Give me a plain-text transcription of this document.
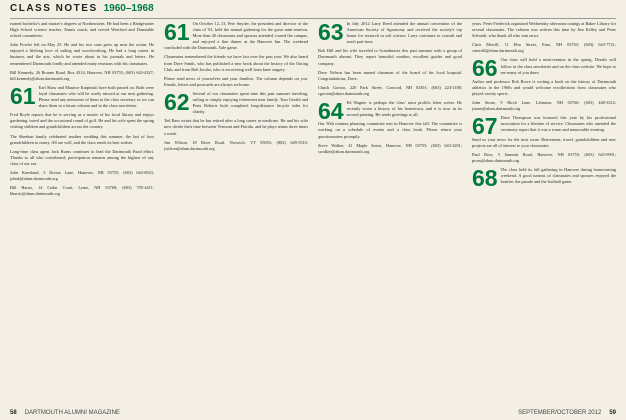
CLASS NOTES 1960–1968

earned bachelor's and master's degrees at Northeastern. He had been a Bridgewater High School science teacher, Tennis coach, and served Westford and Dunstable school committees.

John Fowler left on May 25. He and his two sons grew up near the ocean. He enjoyed a lifelong love of sailing and woodworking. He had a long career in business and the arts, which he wrote about in his journals and letters. He remembered Dartmouth fondly and attended many reunions with his classmates.

Bill Kennedy, 26 Bourne Road, Box 4314, Hanover, NH 03755; (603) 643-4327; bill.kennedy@alum.dartmouth.org

61 Earl Shaw and Maurice Karpinski have both passed on. Both were loyal classmates who will be sorely missed at our next gathering. Please send any memories of them to the class secretary so we can share them in a future column and in the class newsletter.

Fred Boyle reports that he is serving as a trustee of his local library and enjoys gardening, travel and the occasional round of golf. He and his wife spent the spring visiting children and grandchildren across the country.

The Sheehan family celebrated another wedding this summer, the last of four grandchildren to marry. All are well, and the class sends its best wishes.

Long-time class agent Jack Burns continues to lead the Dartmouth Fund effort. Thanks to all who contributed; participation remains among the highest of any class of our era.

John Kneeland, 3 Dorset Lane, Hanover, NH 03755; (603) 643-0023; johnk@alum.dartmouth.org

Bill Harris, 14 Cedar Court, Lyme, NH 03768; (603) 795-4411; bharris@alum.dartmouth.org

61 On October 12–13, Pete Snyder, the president and director of the class of '61, held the annual gathering for the great mini-reunion. More than 40 classmates and spouses attended, toured the campus, and enjoyed a fine dinner at the Hanover Inn. The weekend concluded with the Dartmouth–Yale game.

Classmates remembered the friends we have lost over the past year. We also heard from Dave Smith, who has published a new book about the history of the Outing Club, and from Bob Jacobs, who is recovering well from knee surgery.

Please send news of yourselves and your families. The column depends on you. Emails, letters and postcards are always welcome.

62 Several of our classmates spent time this past summer traveling, sailing or simply enjoying retirement near family. Tom Gerald and Peter Roberts both completed long-distance bicycle rides for charity.

Ted Bass writes that he has retired after a long career in medicine. He and his wife now divide their time between Vermont and Florida, and he plays tennis three times a week.

Jim Wilson, 18 River Road, Norwich, VT 05055; (802) 649-5510; jwilson@alum.dartmouth.org

63 In July 2012 Larry Reed attended the annual convention of the American Society of Agronomy and received the society's top honor for research in soil science. Larry continues to consult and teach part-time.

Bob Hill and his wife traveled to Scandinavia this past summer with a group of Dartmouth alumni. They report beautiful weather, excellent guides and good company.

Dave Nelson has been named chairman of the board of his local hospital. Congratulations, Dave.

Chuck Gorton, 220 Park Street, Concord, NH 03301; (603) 224-1188; cgorton@alum.dartmouth.org

64 Ed Wagner is perhaps the class' most prolific letter writer. He recently wrote a history of his hometown, and it is now in its second printing. He sends greetings to all.

Our 50th reunion planning committee met in Hanover this fall. The committee is working on a schedule of events and a class book. Please return your questionnaires promptly.

Steve Walker, 41 Maple Street, Hanover, NH 03755; (603) 643-2201; swalker@alum.dartmouth.org

years. Peter Frederick organized Wednesday afternoon outings at Baker Library for several classmates. The column was written this time by Jim Kelley and Peter Schmidt, who thank all who sent news.

Chris Merrill, 11 Elm Street, Etna, NH 03750; (603) 643-7721; cmerrill@alum.dartmouth.org

66 Our class will hold a mini-reunion in the spring. Details will follow in the class newsletter and on the class website. We hope to see many of you there.

Author and professor Rob Rowe is writing a book on the history of Dartmouth athletics in the 1960s and would welcome recollections from classmates who played varsity sports.

John Stone, 9 Birch Lane, Lebanon, NH 03766; (603) 448-3312; jstone@alum.dartmouth.org

67 Dave Thompson was honored this year by his professional association for a lifetime of service. Classmates who attended the ceremony report that it was a warm and memorable evening.

Send us your news for the next issue. Retirement, travel, grandchildren and new projects are all of interest to your classmates.

Paul Ross, 5 Summit Road, Hanover, NH 03755; (603) 643-9901; pross@alum.dartmouth.org

68 The class held its fall gathering in Hanover during homecoming weekend. A good turnout of classmates and spouses enjoyed the bonfire, the parade and the football game.

58 DARTMOUTH ALUMNI MAGAZINE	SEPTEMBER/OCTOBER 2012 59
